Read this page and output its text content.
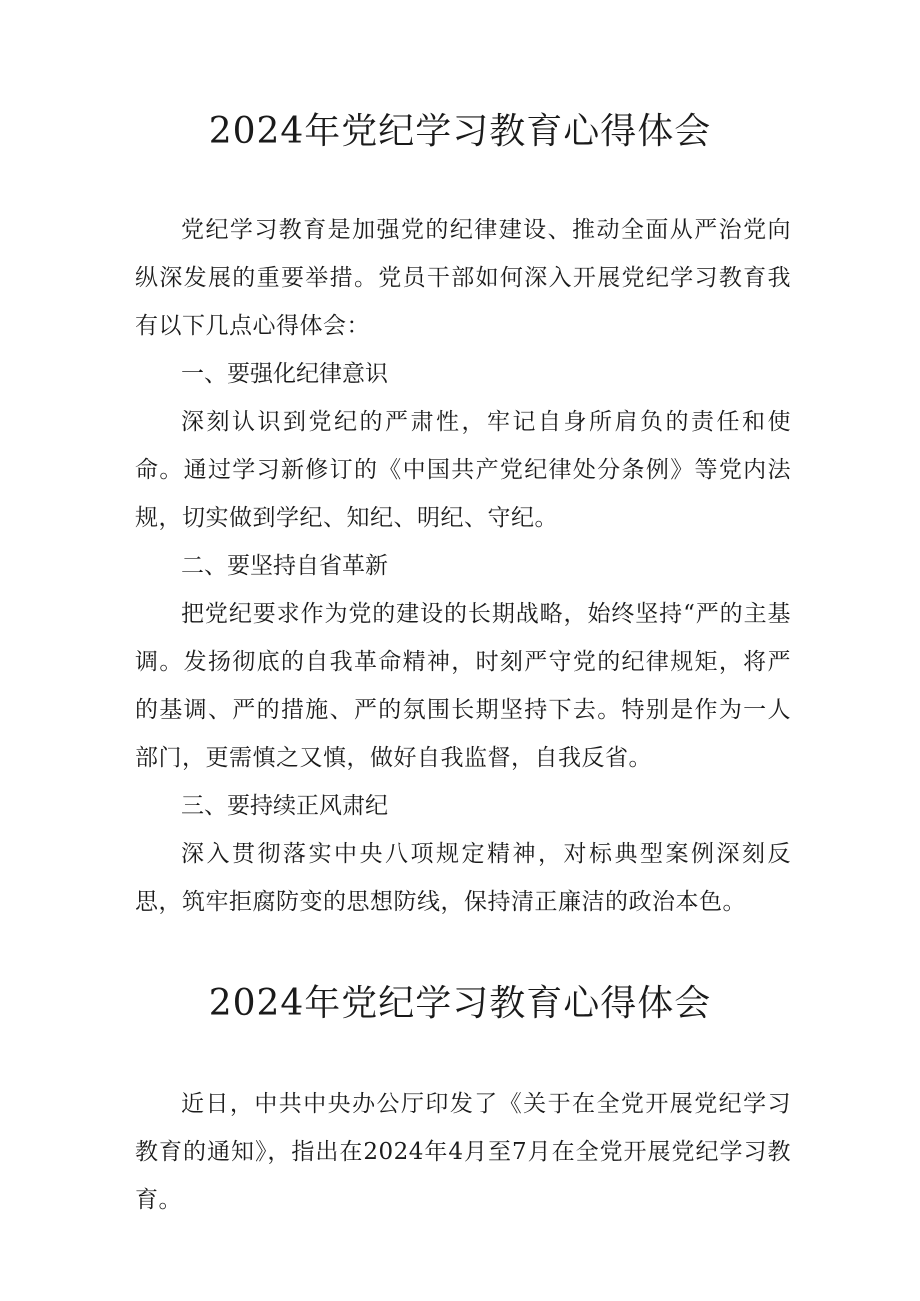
2024年党纪学习教育心得体会

党纪学习教育是加强党的纪律建设、推动全面从严治党向纵深发展的重要举措。党员干部如何深入开展党纪学习教育我有以下几点心得体会：

一、要强化纪律意识

深刻认识到党纪的严肃性，牢记自身所肩负的责任和使命。通过学习新修订的《中国共产党纪律处分条例》等党内法规，切实做到学纪、知纪、明纪、守纪。

二、要坚持自省革新

把党纪要求作为党的建设的长期战略，始终坚持“严的主基调。发扬彻底的自我革命精神，时刻严守党的纪律规矩，将严的基调、严的措施、严的氛围长期坚持下去。特别是作为一人部门，更需慎之又慎，做好自我监督，自我反省。

三、要持续正风肃纪

深入贯彻落实中央八项规定精神，对标典型案例深刻反思，筑牢拒腐防变的思想防线，保持清正廉洁的政治本色。

2024年党纪学习教育心得体会

近日，中共中央办公厅印发了《关于在全党开展党纪学习教育的通知》，指出在2024年4月至7月在全党开展党纪学习教育。
